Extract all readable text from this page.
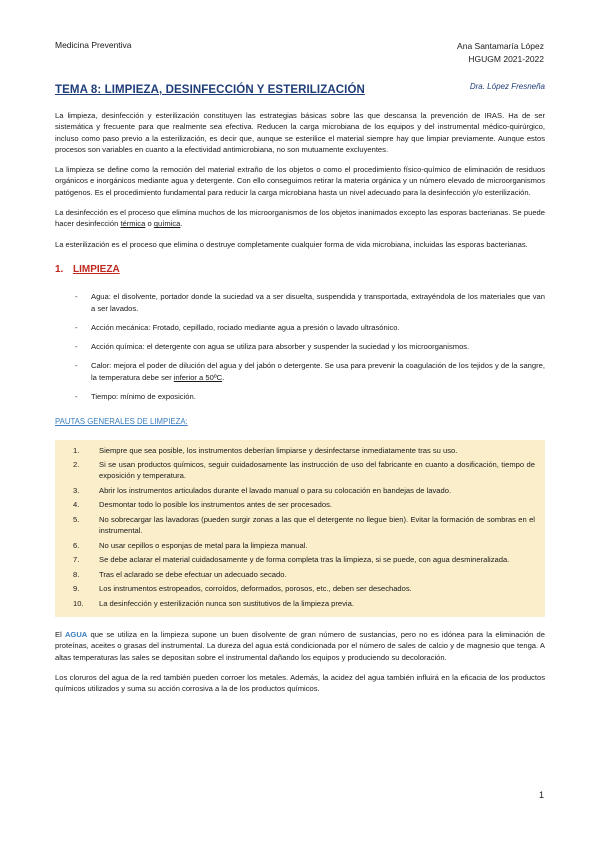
Medicina Preventiva	Ana Santamaría López
HGUGM 2021-2022
TEMA 8: LIMPIEZA, DESINFECCIÓN Y ESTERILIZACIÓN	Dra. López Fresneña

La limpieza, desinfección y esterilización constituyen las estrategias básicas sobre las que descansa la prevención de IRAS. Ha de ser sistemática y frecuente para que realmente sea efectiva. Reducen la carga microbiana de los equipos y del instrumental médico-quirúrgico, incluso como paso previo a la esterilización, es decir que, aunque se esterilice el material siempre hay que limpiar previamente. Aunque estos procesos son variables en cuanto a la efectividad antimicrobiana, no son mutuamente excluyentes.

La limpieza se define como la remoción del material extraño de los objetos o como el procedimiento físico-químico de eliminación de residuos orgánicos e inorgánicos mediante agua y detergente. Con ello conseguimos retirar la materia orgánica y un número elevado de microorganismos patógenos. Es el procedimiento fundamental para reducir la carga microbiana hasta un nivel adecuado para la desinfección y/o esterilización.

La desinfección es el proceso que elimina muchos de los microorganismos de los objetos inanimados excepto las esporas bacterianas. Se puede hacer desinfección térmica o química.

La esterilización es el proceso que elimina o destruye completamente cualquier forma de vida microbiana, incluidas las esporas bacterianas.

1. LIMPIEZA
- Agua: el disolvente, portador donde la suciedad va a ser disuelta, suspendida y transportada, extrayéndola de los materiales que van a ser lavados.
- Acción mecánica: Frotado, cepillado, rociado mediante agua a presión o lavado ultrasónico.
- Acción química: el detergente con agua se utiliza para absorber y suspender la suciedad y los microorganismos.
- Calor: mejora el poder de dilución del agua y del jabón o detergente. Se usa para prevenir la coagulación de los tejidos y de la sangre, la temperatura debe ser inferior a 50ºC.
- Tiempo: mínimo de exposición.
PAUTAS GENERALES DE LIMPIEZA:
1.	Siempre que sea posible, los instrumentos deberían limpiarse y desinfectarse inmediatamente tras su uso.
2.	Si se usan productos químicos, seguir cuidadosamente las instrucción de uso del fabricante en cuanto a dosificación, tiempo de exposición y temperatura.
3.	Abrir los instrumentos articulados durante el lavado manual o para su colocación en bandejas de lavado.
4.	Desmontar todo lo posible los instrumentos antes de ser procesados.
5.	No sobrecargar las lavadoras (pueden surgir zonas a las que el detergente no llegue bien). Evitar la formación de sombras en el instrumental.
6.	No usar cepillos o esponjas de metal para la limpieza manual.
7.	Se debe aclarar el material cuidadosamente y de forma completa tras la limpieza, si se puede, con agua desmineralizada.
8.	Tras el aclarado se debe efectuar un adecuado secado.
9.	Los instrumentos estropeados, corroídos, deformados, porosos, etc., deben ser desechados.
10. La desinfección y esterilización nunca son sustitutivos de la limpieza previa.

El AGUA que se utiliza en la limpieza supone un buen disolvente de gran número de sustancias, pero no es idónea para la eliminación de proteínas, aceites o grasas del instrumental. La dureza del agua está condicionada por el número de sales de calcio y de magnesio que tenga. A altas temperaturas las sales se depositan sobre el instrumental dañando los equipos y produciendo su decoloración.

Los cloruros del agua de la red también pueden corroer los metales. Además, la acidez del agua también influirá en la eficacia de los productos químicos utilizados y suma su acción corrosiva a la de los productos químicos.

1
